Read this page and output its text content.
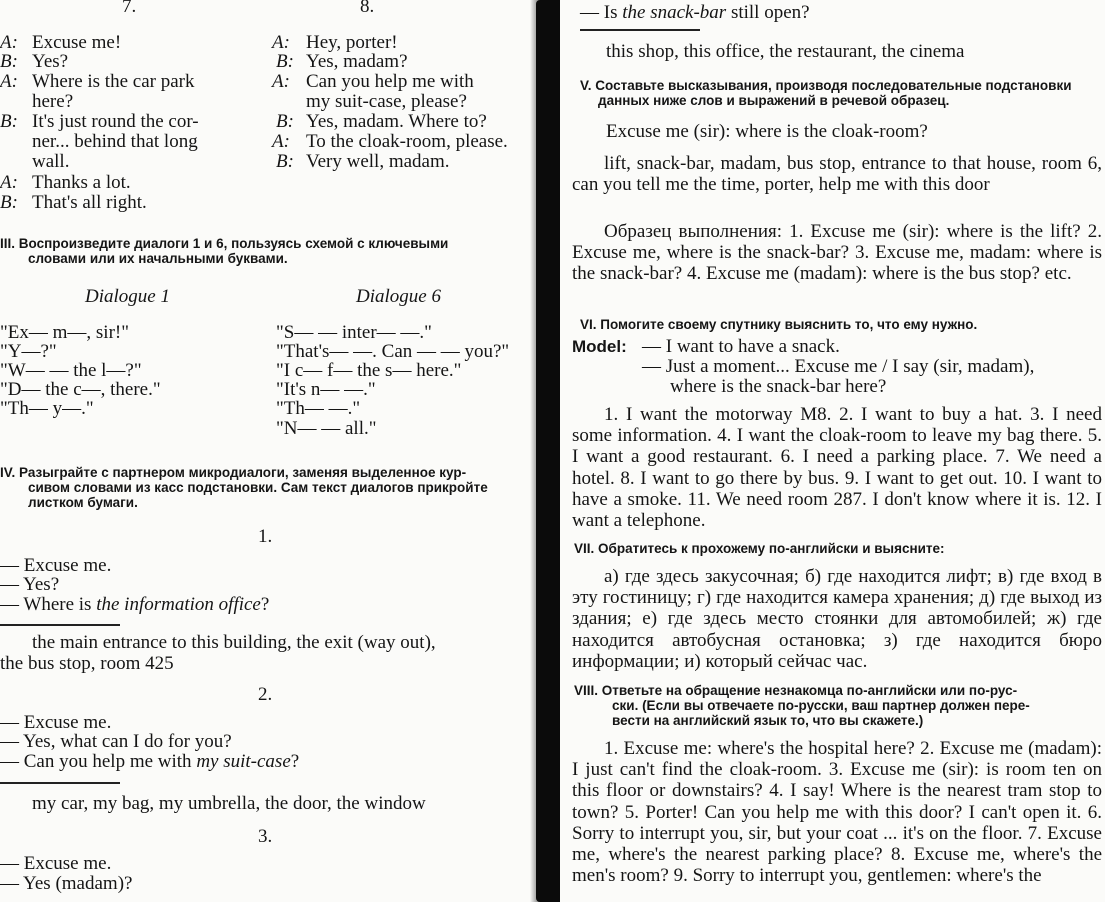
7.
A: Excuse me!
B: Yes?
A: Where is the car park
here?
B: It's just round the cor-
ner... behind that long
wall.
A: Thanks a lot.
B: That's all right.
8.
A: Hey, porter!
B: Yes, madam?
A: Can you help me with
my suit-case, please?
B: Yes, madam. Where to?
A: To the cloak-room, please.
B: Very well, madam.
III. Воспроизведите диалоги 1 и 6, пользуясь схемой с ключевыми
словами или их начальными буквами.
Dialogue 1	Dialogue 6
"Ex— m—, sir!"
"Y—?"
"W— — the l—?"
"D— the c—, there."
"Th— y—."
"S— — inter— —."
"That's— —. Can — — you?"
"I c— f— the s— here."
"It's n— —."
"Th— —."
"N— — all."
IV. Разыграйте с партнером микродиалоги, заменяя выделенное кур-
сивом словами из касс подстановки. Сам текст диалогов прикройте
листком бумаги.
1.
— Excuse me.
— Yes?
— Where is the information office?
the main entrance to this building, the exit (way out),
the bus stop, room 425
2.
— Excuse me.
— Yes, what can I do for you?
— Can you help me with my suit-case?
my car, my bag, my umbrella, the door, the window
3.
— Excuse me.
— Yes (madam)?
— Is the snack-bar still open?
this shop, this office, the restaurant, the cinema
V. Составьте высказывания, производя последовательные подстановки
данных ниже слов и выражений в речевой образец.
Excuse me (sir): where is the cloak-room?
lift, snack-bar, madam, bus stop, entrance to that house, room 6, can you tell me the time, porter, help me with this door
Образец выполнения: 1. Excuse me (sir): where is the lift? 2. Excuse me, where is the snack-bar? 3. Excuse me, madam: where is the snack-bar? 4. Excuse me (madam): where is the bus stop? etc.
VI. Помогите своему спутнику выяснить то, что ему нужно.
Model: — I want to have a snack.
— Just a moment... Excuse me / I say (sir, madam),
where is the snack-bar here?
1. I want the motorway M8. 2. I want to buy a hat. 3. I need some information. 4. I want the cloak-room to leave my bag there. 5. I want a good restaurant. 6. I need a parking place. 7. We need a hotel. 8. I want to go there by bus. 9. I want to get out. 10. I want to have a smoke. 11. We need room 287. I don't know where it is. 12. I want a telephone.
VII. Обратитесь к прохожему по-английски и выясните:
а) где здесь закусочная; б) где находится лифт; в) где вход в эту гостиницу; г) где находится камера хранения; д) где выход из здания; е) где здесь место стоянки для автомобилей; ж) где находится автобусная остановка; з) где находится бюро информации; и) который сейчас час.
VIII. Ответьте на обращение незнакомца по-английски или по-рус-
ски. (Если вы отвечаете по-русски, ваш партнер должен пере-
вести на английский язык то, что вы скажете.)
1. Excuse me: where's the hospital here? 2. Excuse me (madam): I just can't find the cloak-room. 3. Excuse me (sir): is room ten on this floor or downstairs? 4. I say! Where is the nearest tram stop to town? 5. Porter! Can you help me with this door? I can't open it. 6. Sorry to interrupt you, sir, but your coat ... it's on the floor. 7. Excuse me, where's the nearest parking place? 8. Excuse me, where's the men's room? 9. Sorry to interrupt you, gentlemen: where's the
